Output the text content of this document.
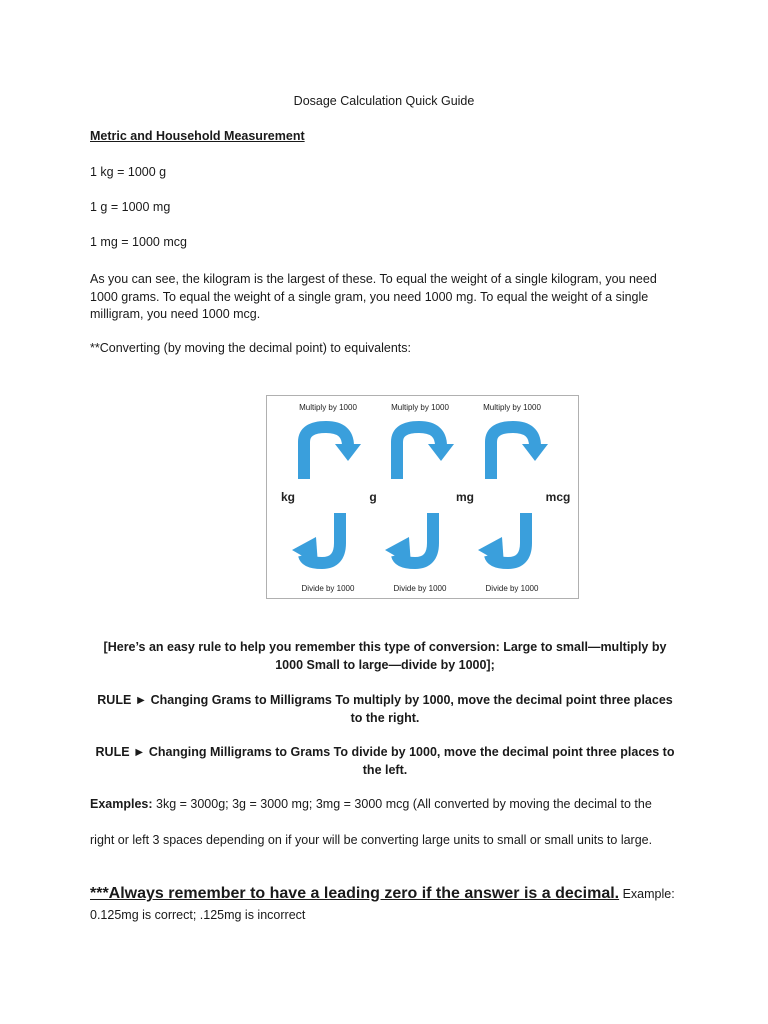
Dosage Calculation Quick Guide
Metric and Household Measurement
1 kg = 1000 g
1 g = 1000 mg
1 mg = 1000 mcg
As you can see, the kilogram is the largest of these. To equal the weight of a single kilogram, you need 1000 grams. To equal the weight of a single gram, you need 1000 mg. To equal the weight of a single milligram, you need 1000 mcg.
**Converting (by moving the decimal point) to equivalents:
Multiply by 1000	Multiply by 1000	Multiply by 1000
kg	g	mg	mcg
Divide by 1000	Divide by 1000	Divide by 1000
[Here’s an easy rule to help you remember this type of conversion: Large to small—multiply by 1000 Small to large—divide by 1000];
RULE ► Changing Grams to Milligrams To multiply by 1000, move the decimal point three places to the right.
RULE ► Changing Milligrams to Grams To divide by 1000, move the decimal point three places to the left.
Examples: 3kg = 3000g; 3g = 3000 mg; 3mg = 3000 mcg (All converted by moving the decimal to the
right or left 3 spaces depending on if your will be converting large units to small or small units to large.
***Always remember to have a leading zero if the answer is a decimal. Example:
0.125mg is correct; .125mg is incorrect
